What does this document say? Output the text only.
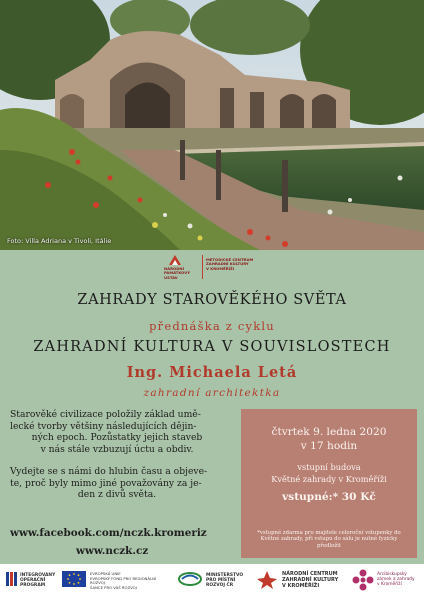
Foto: Villa Adriana v Tivoli, Itálie
NÁRODNÍ
PAMÁTKOVÝ
ÚSTAV
METODICKÉ CENTRUM
ZAHRADNÍ KULTURY
V KROMĚŘÍŽI
ZAHRADY STAROVĚKÉHO SVĚTA
přednáška z cyklu
ZAHRADNÍ KULTURA V SOUVISLOSTECH
Ing. Michaela Letá
zahradní architektka
Starověké civilizace položily základ umě-
lecké tvorby většiny následujících dějin-
ných epoch. Pozůstatky jejich staveb
v nás stále vzbuzují úctu a obdiv.
Vydejte se s námi do hlubin času a objeve-
te, proč byly mimo jiné považovány za je-
den z divů světa.
www.facebook.com/nczk.kromeriz
www.nczk.cz
čtvrtek 9. ledna 2020
v 17 hodin
vstupní budova
Květné zahrady v Kroměříži
vstupné:* 30 Kč
*vstupné zdarma pro majitele celoroční vstupenky do Květné zahrady, při vstupu do sálu je nutné fyzicky předložit
INTEGROVANÝ
OPERAČNÍ
PROGRAM
EVROPSKÁ UNIE
EVROPSKÝ FOND PRO REGIONÁLNÍ ROZVOJ
ŠANCE PRO VÁŠ ROZVOJ
MINISTERSTVO
PRO MÍSTNÍ
ROZVOJ ČR
NÁRODNÍ CENTRUM
ZAHRADNÍ KULTURY
V KROMĚŘÍŽI
Arcibiskupský
zámek a zahrady
v Kroměříži
